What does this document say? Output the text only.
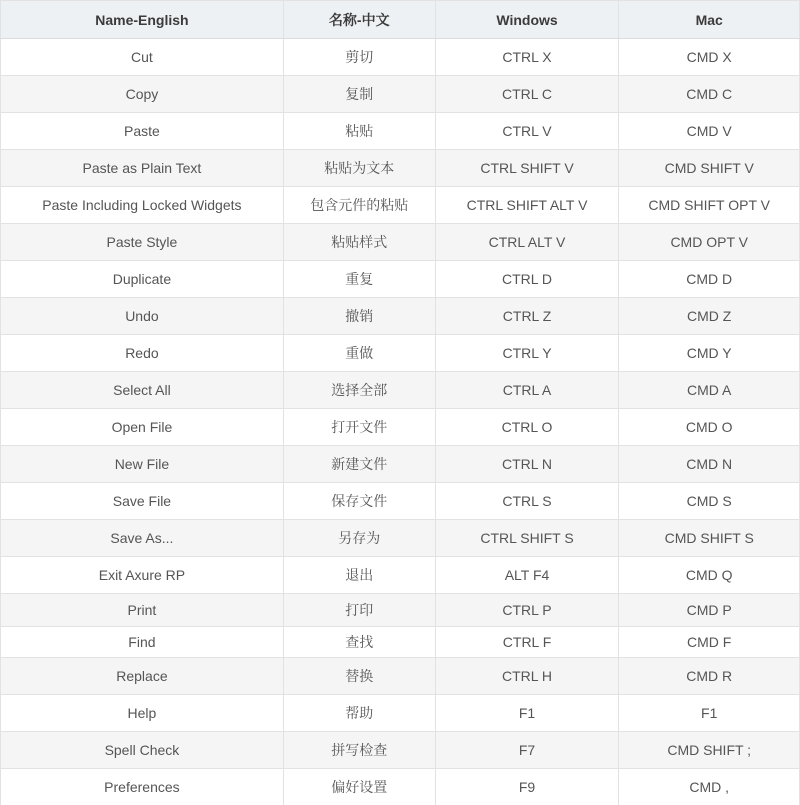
Name-English	名称-中文	Windows	Mac
Cut	剪切	CTRL X	CMD X
Copy	复制	CTRL C	CMD C
Paste	粘贴	CTRL V	CMD V
Paste as Plain Text	粘贴为文本	CTRL SHIFT V	CMD SHIFT V
Paste Including Locked Widgets	包含元件的粘贴	CTRL SHIFT ALT V	CMD SHIFT OPT V
Paste Style	粘贴样式	CTRL ALT V	CMD OPT V
Duplicate	重复	CTRL D	CMD D
Undo	撤销	CTRL Z	CMD Z
Redo	重做	CTRL Y	CMD Y
Select All	选择全部	CTRL A	CMD A
Open File	打开文件	CTRL O	CMD O
New File	新建文件	CTRL N	CMD N
Save File	保存文件	CTRL S	CMD S
Save As...	另存为	CTRL SHIFT S	CMD SHIFT S
Exit Axure RP	退出	ALT F4	CMD Q
Print	打印	CTRL P	CMD P
Find	查找	CTRL F	CMD F
Replace	替换	CTRL H	CMD R
Help	帮助	F1	F1
Spell Check	拼写检查	F7	CMD SHIFT ;
Preferences	偏好设置	F9	CMD ,
